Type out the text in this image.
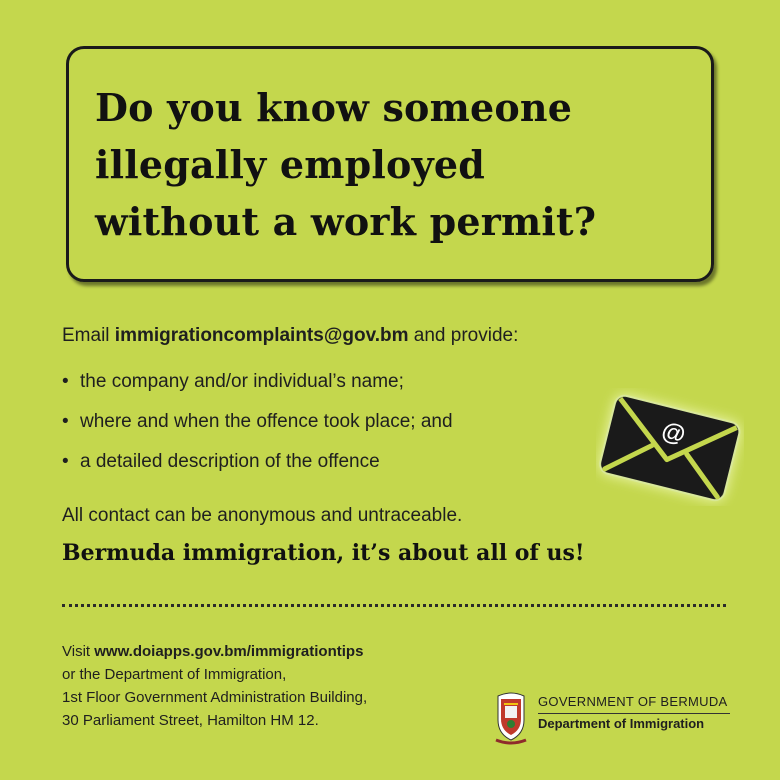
Do you know someone
illegally employed
without a work permit?
Email immigrationcomplaints@gov.bm and provide:
• the company and/or individual’s name;
• where and when the offence took place; and
• a detailed description of the offence
All contact can be anonymous and untraceable.
Bermuda immigration, it’s about all of us!
@
Visit www.doiapps.gov.bm/immigrationtips
or the Department of Immigration,
1st Floor Government Administration Building,
30 Parliament Street, Hamilton HM 12.
GOVERNMENT OF BERMUDA
Department of Immigration
